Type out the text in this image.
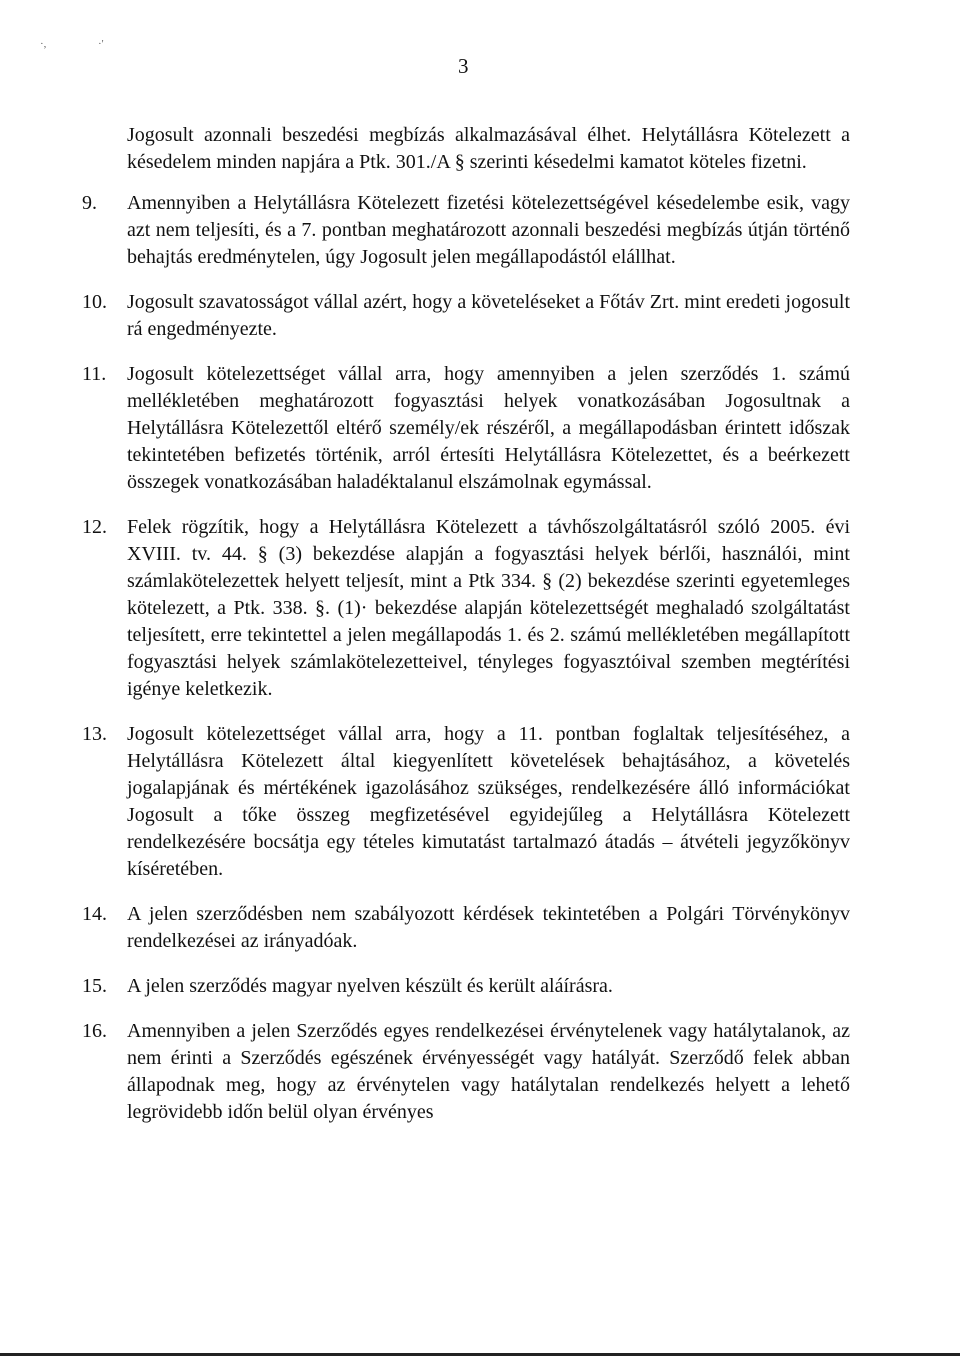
·,	·'
3
Jogosult azonnali beszedési megbízás alkalmazásával élhet. Helytállásra Kötelezett a késedelem minden napjára a Ptk. 301./A § szerinti késedelmi kamatot köteles fizetni.
9.	Amennyiben a Helytállásra Kötelezett fizetési kötelezettségével késedelembe esik, vagy azt nem teljesíti, és a 7. pontban meghatározott azonnali beszedési megbízás útján történő behajtás eredménytelen, úgy Jogosult jelen megállapodástól elállhat.
10.	Jogosult szavatosságot vállal azért, hogy a követeléseket a Főtáv Zrt. mint eredeti jogosult rá engedményezte.
11.	Jogosult kötelezettséget vállal arra, hogy amennyiben a jelen szerződés 1. számú mellékletében meghatározott fogyasztási helyek vonatkozásában Jogosultnak a Helytállásra Kötelezettől eltérő személy/ek részéről, a megállapodásban érintett időszak tekintetében befizetés történik, arról értesíti Helytállásra Kötelezettet, és a beérkezett összegek vonatkozásában haladéktalanul elszámolnak egymással.
12.	Felek rögzítik, hogy a Helytállásra Kötelezett a távhőszolgáltatásról szóló 2005. évi XVIII. tv. 44. § (3) bekezdése alapján a fogyasztási helyek bérlői, használói, mint számlakötelezettek helyett teljesít, mint a Ptk 334. § (2) bekezdése szerinti egyetemleges kötelezett, a Ptk. 338. §. (1)· bekezdése alapján kötelezettségét meghaladó szolgáltatást teljesített, erre tekintettel a jelen megállapodás 1. és 2. számú mellékletében megállapított fogyasztási helyek számlakötelezetteivel, tényleges fogyasztóival szemben megtérítési igénye keletkezik.
13.	Jogosult kötelezettséget vállal arra, hogy a 11. pontban foglaltak teljesítéséhez, a Helytállásra Kötelezett által kiegyenlített követelések behajtásához, a követelés jogalapjának és mértékének igazolásához szükséges, rendelkezésére álló információkat Jogosult a tőke összeg megfizetésével egyidejűleg a Helytállásra Kötelezett rendelkezésére bocsátja egy tételes kimutatást tartalmazó átadás – átvételi jegyzőkönyv kíséretében.
14.	A jelen szerződésben nem szabályozott kérdések tekintetében a Polgári Törvénykönyv rendelkezései az irányadóak.
15.	A jelen szerződés magyar nyelven készült és került aláírásra.
16.	Amennyiben a jelen Szerződés egyes rendelkezései érvénytelenek vagy hatálytalanok, az nem érinti a Szerződés egészének érvényességét vagy hatályát. Szerződő felek abban állapodnak meg, hogy az érvénytelen vagy hatálytalan rendelkezés helyett a lehető legrövidebb időn belül olyan érvényes
